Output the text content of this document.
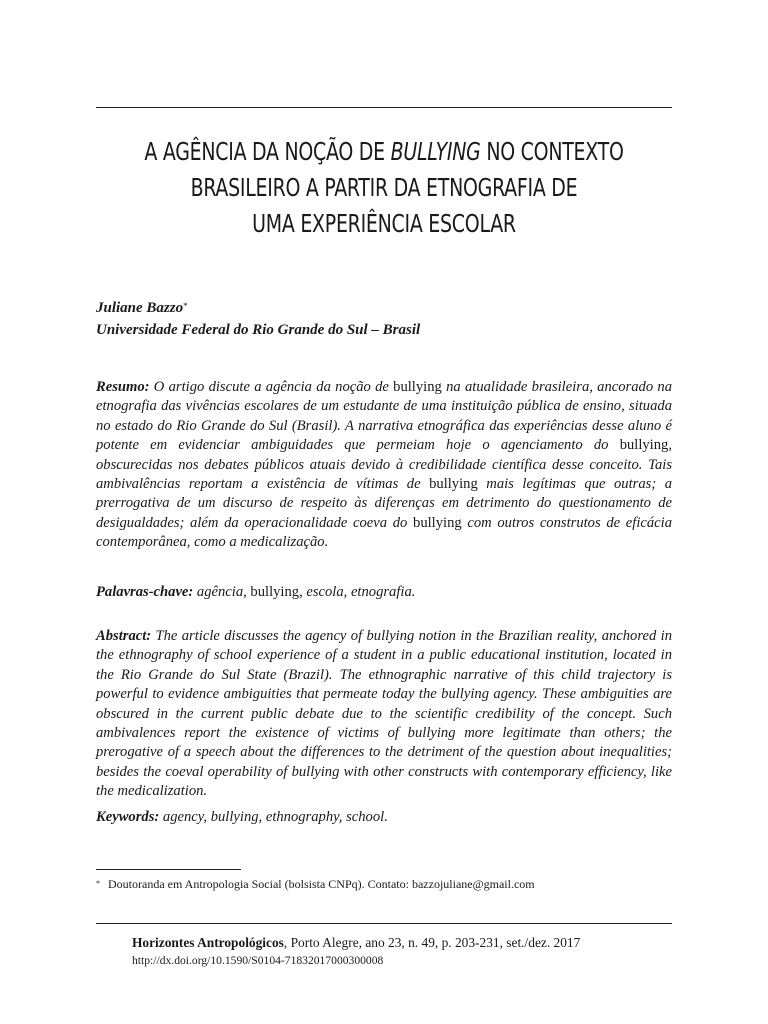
A AGÊNCIA DA NOÇÃO DE BULLYING NO CONTEXTO
BRASILEIRO A PARTIR DA ETNOGRAFIA DE
UMA EXPERIÊNCIA ESCOLAR
Juliane Bazzo*
Universidade Federal do Rio Grande do Sul – Brasil
Resumo: O artigo discute a agência da noção de bullying na atualidade brasileira, ancorado na etnografia das vivências escolares de um estudante de uma instituição pública de ensino, situada no estado do Rio Grande do Sul (Brasil). A narrativa etnográfica das experiências desse aluno é potente em evidenciar ambiguidades que permeiam hoje o agenciamento do bullying, obscurecidas nos debates públicos atuais devido à credibilidade científica desse conceito. Tais ambivalências reportam a existência de vítimas de bullying mais legítimas que outras; a prerrogativa de um discurso de respeito às diferenças em detrimento do questionamento de desigualdades; além da operacionalidade coeva do bullying com outros construtos de eficácia contemporânea, como a medicalização.
Palavras-chave: agência, bullying, escola, etnografia.
Abstract: The article discusses the agency of bullying notion in the Brazilian reality, anchored in the ethnography of school experience of a student in a public educational institution, located in the Rio Grande do Sul State (Brazil). The ethnographic narrative of this child trajectory is powerful to evidence ambiguities that permeate today the bullying agency. These ambiguities are obscured in the current public debate due to the scientific credibility of the concept. Such ambivalences report the existence of victims of bullying more legitimate than others; the prerogative of a speech about the differences to the detriment of the question about inequalities; besides the coeval operability of bullying with other constructs with contemporary efficiency, like the medicalization.
Keywords: agency, bullying, ethnography, school.
* Doutoranda em Antropologia Social (bolsista CNPq). Contato: bazzojuliane@gmail.com
Horizontes Antropológicos, Porto Alegre, ano 23, n. 49, p. 203-231, set./dez. 2017
http://dx.doi.org/10.1590/S0104-71832017000300008
